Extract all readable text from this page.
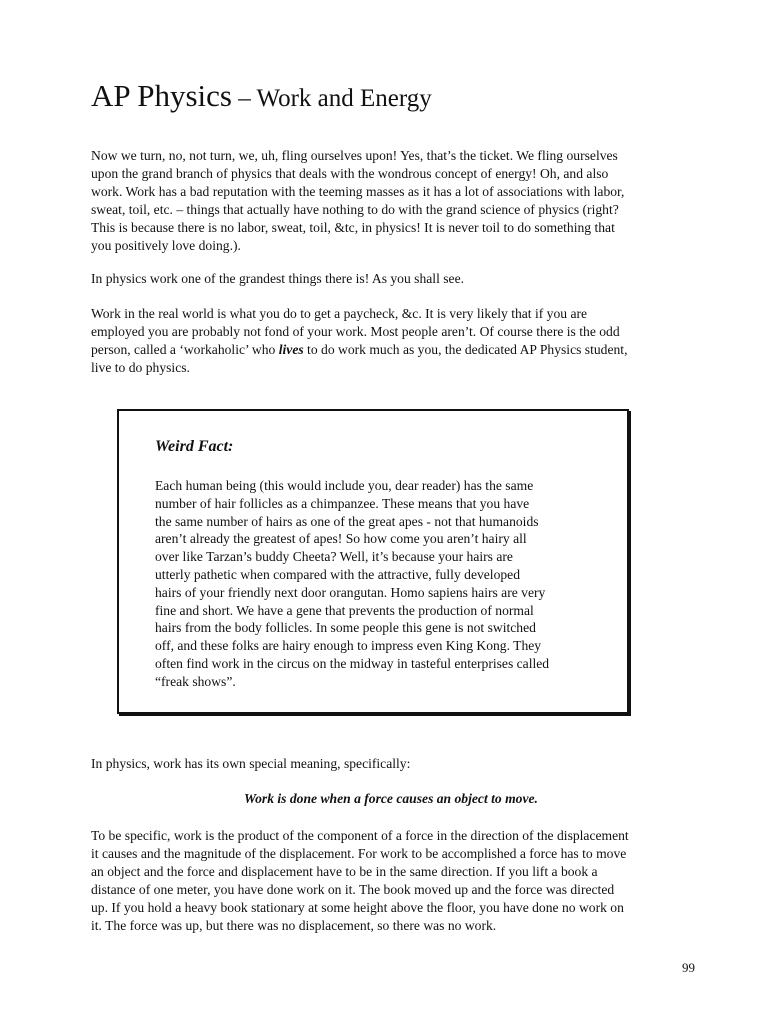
AP Physics – Work and Energy

Now we turn, no, not turn, we, uh, fling ourselves upon! Yes, that’s the ticket. We fling ourselves
upon the grand branch of physics that deals with the wondrous concept of energy! Oh, and also
work. Work has a bad reputation with the teeming masses as it has a lot of associations with labor,
sweat, toil, etc. – things that actually have nothing to do with the grand science of physics (right?
This is because there is no labor, sweat, toil, &tc, in physics! It is never toil to do something that
you positively love doing.).

In physics work one of the grandest things there is! As you shall see.

Work in the real world is what you do to get a paycheck, &c. It is very likely that if you are
employed you are probably not fond of your work. Most people aren’t. Of course there is the odd
person, called a ‘workaholic’ who lives to do work much as you, the dedicated AP Physics student,
live to do physics.

Weird Fact:

Each human being (this would include you, dear reader) has the same
number of hair follicles as a chimpanzee. These means that you have
the same number of hairs as one of the great apes - not that humanoids
aren’t already the greatest of apes! So how come you aren’t hairy all
over like Tarzan’s buddy Cheeta? Well, it’s because your hairs are
utterly pathetic when compared with the attractive, fully developed
hairs of your friendly next door orangutan. Homo sapiens hairs are very
fine and short. We have a gene that prevents the production of normal
hairs from the body follicles. In some people this gene is not switched
off, and these folks are hairy enough to impress even King Kong. They
often find work in the circus on the midway in tasteful enterprises called
“freak shows”.

In physics, work has its own special meaning, specifically:

Work is done when a force causes an object to move.

To be specific, work is the product of the component of a force in the direction of the displacement
it causes and the magnitude of the displacement. For work to be accomplished a force has to move
an object and the force and displacement have to be in the same direction. If you lift a book a
distance of one meter, you have done work on it. The book moved up and the force was directed
up. If you hold a heavy book stationary at some height above the floor, you have done no work on
it. The force was up, but there was no displacement, so there was no work.

99
